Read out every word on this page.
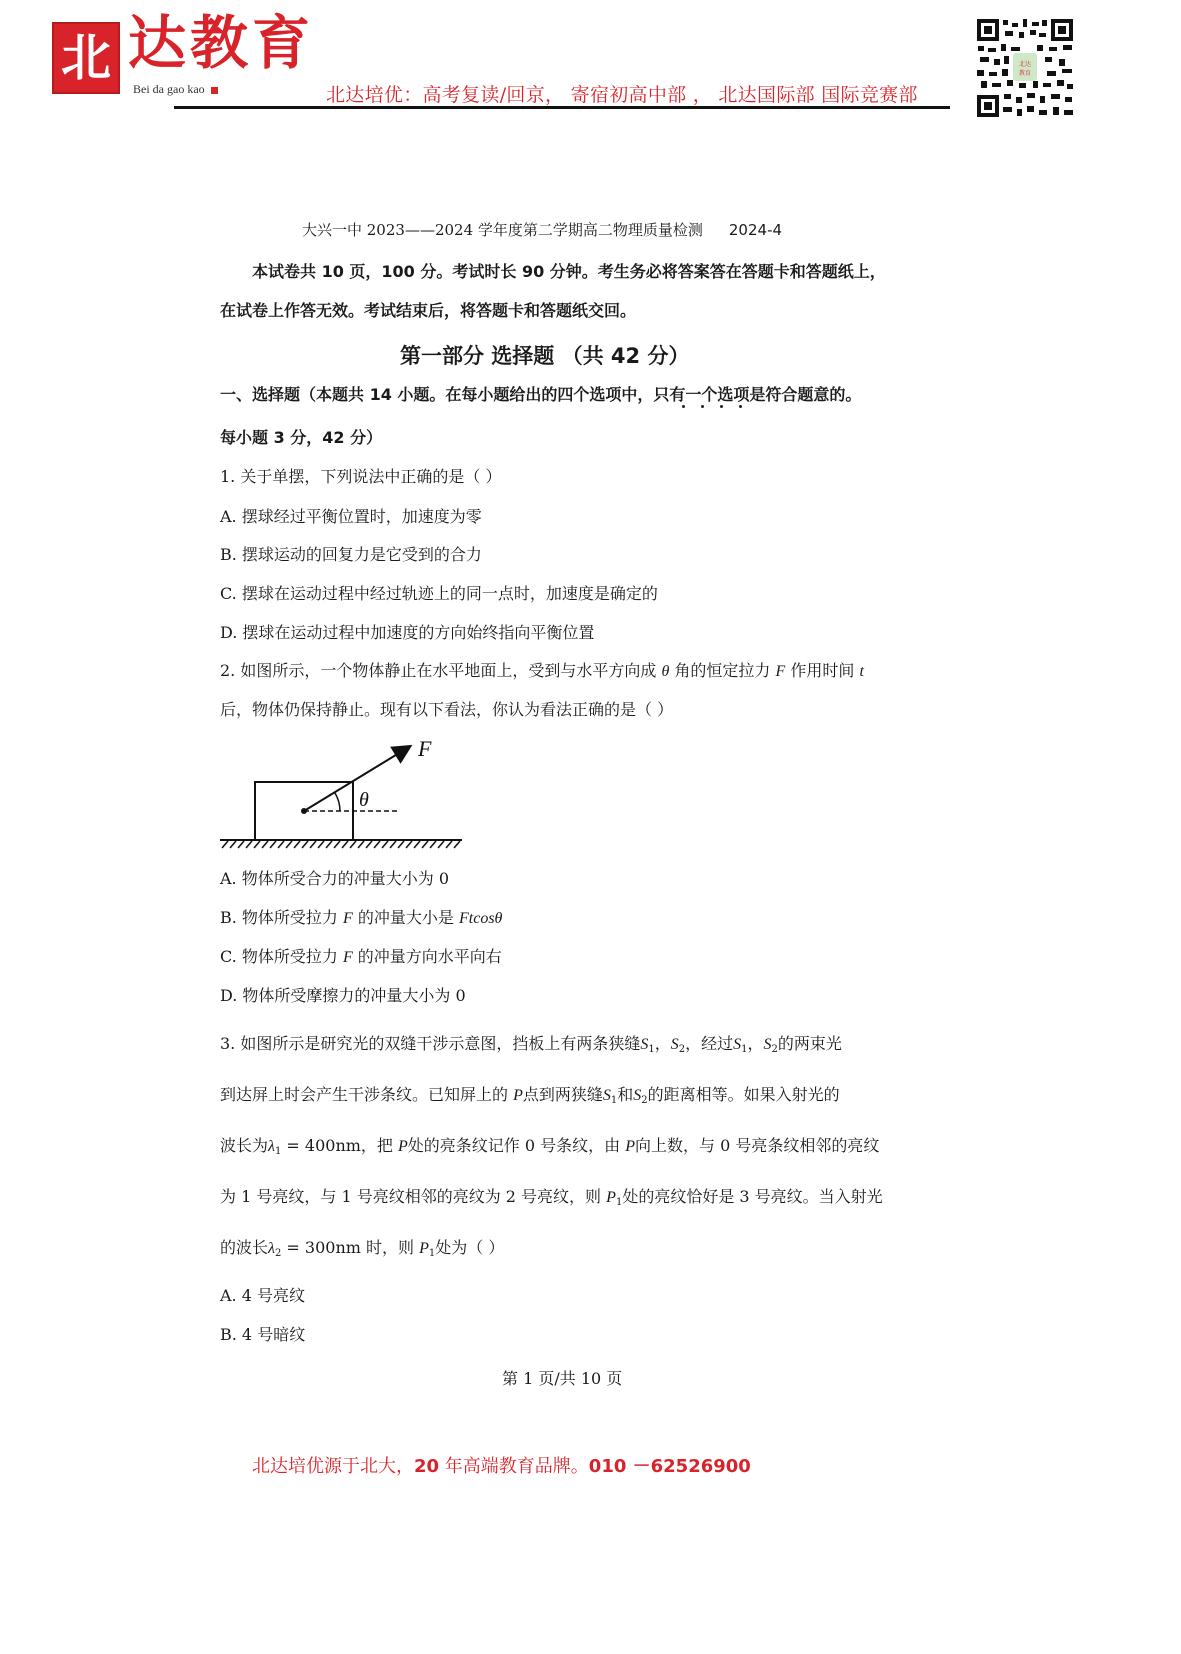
北 达教育
Bei da gao kao	北达培优：高考复读/回京， 寄宿初高中部 ， 北达国际部 国际竞赛部
北达
教育
大兴一中 2023——2024 学年度第二学期高二物理质量检测 2024-4
本试卷共 10 页，100 分。考试时长 90 分钟。考生务必将答案答在答题卡和答题纸上，
在试卷上作答无效。考试结束后，将答题卡和答题纸交回。
第一部分 选择题 （共 42 分）
一、选择题（本题共 14 小题。在每小题给出的四个选项中，只有一个选项是符合题意的。
每小题 3 分，42 分）
1. 关于单摆，下列说法中正确的是（ ）
A. 摆球经过平衡位置时，加速度为零
B. 摆球运动的回复力是它受到的合力
C. 摆球在运动过程中经过轨迹上的同一点时，加速度是确定的
D. 摆球在运动过程中加速度的方向始终指向平衡位置
2. 如图所示，一个物体静止在水平地面上，受到与水平方向成 θ 角的恒定拉力 F 作用时间 t
后，物体仍保持静止。现有以下看法，你认为看法正确的是（ ）
F
θ
A. 物体所受合力的冲量大小为 0
B. 物体所受拉力 F 的冲量大小是 Ftcosθ
C. 物体所受拉力 F 的冲量方向水平向右
D. 物体所受摩擦力的冲量大小为 0
3. 如图所示是研究光的双缝干涉示意图，挡板上有两条狭缝$S_1$，$S_2$，经过$S_1$，$S_2$的两束光
到达屏上时会产生干涉条纹。已知屏上的 P点到两狭缝$S_1$和$S_2$的距离相等。如果入射光的
波长为$\lambda_1 = 400nm$，把 P处的亮条纹记作 0 号条纹，由 P向上数，与 0 号亮条纹相邻的亮纹
为 1 号亮纹，与 1 号亮纹相邻的亮纹为 2 号亮纹，则 $P_1$处的亮纹恰好是 3 号亮纹。当入射光
的波长$\lambda_2 = 300nm$ 时，则 $P_1$处为（ ）
A. 4 号亮纹
B. 4 号暗纹
第 1 页/共 10 页
北达培优源于北大，20 年高端教育品牌。010 －62526900
